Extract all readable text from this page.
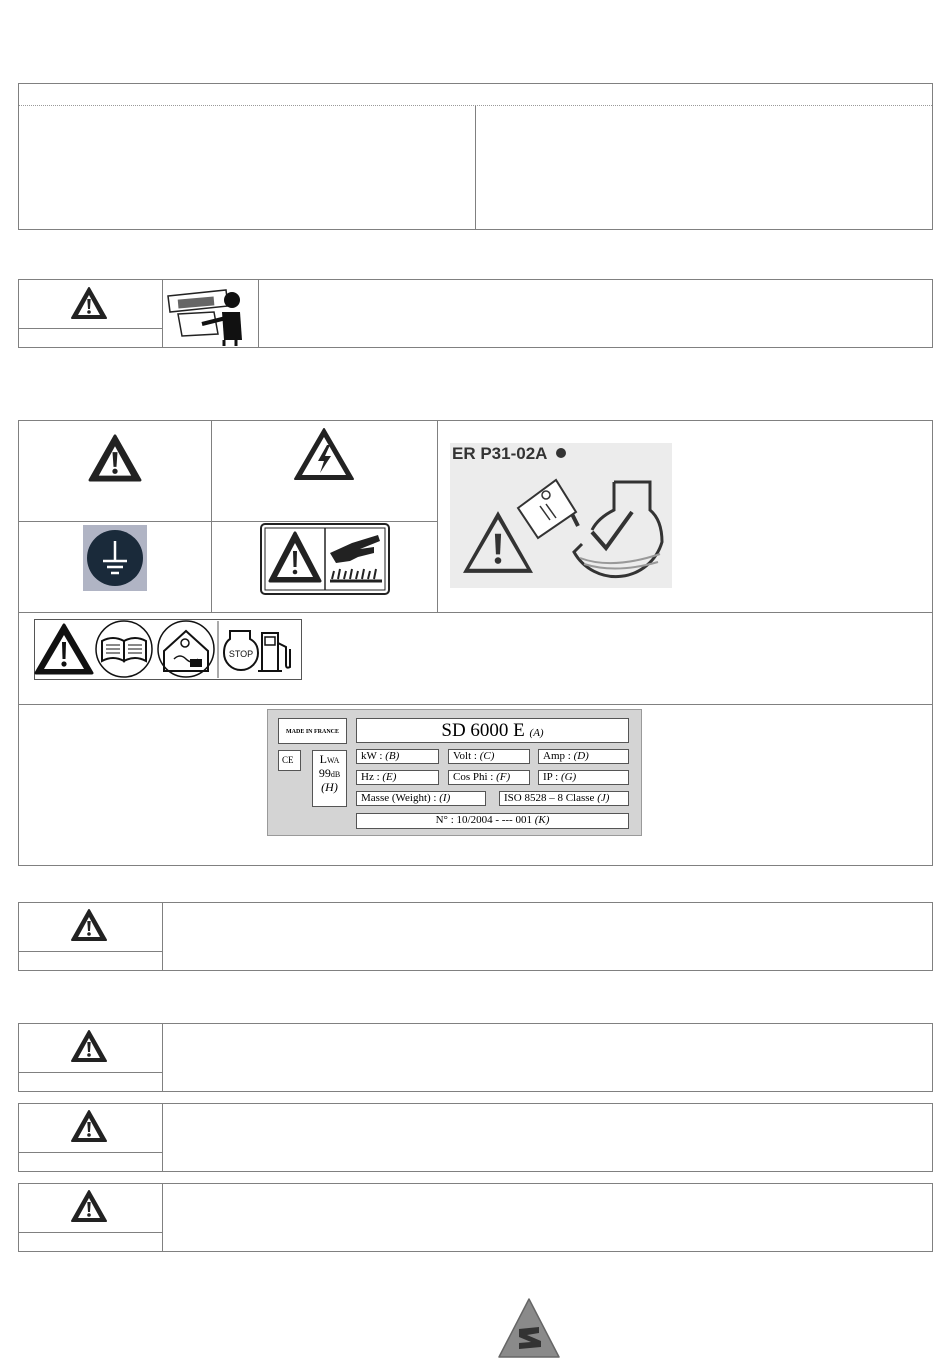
ER P31-02A
STOP
MADE IN FRANCE	SD 6000 E (A)
CE	LWA
99dB
(H)
kW : (B)	Volt : (C)	Amp : (D)
Hz : (E)	Cos Phi : (F)	IP : (G)
Masse (Weight) : (I)	ISO 8528 – 8 Classe (J)
N° : 10/2004 - --- 001 (K)
